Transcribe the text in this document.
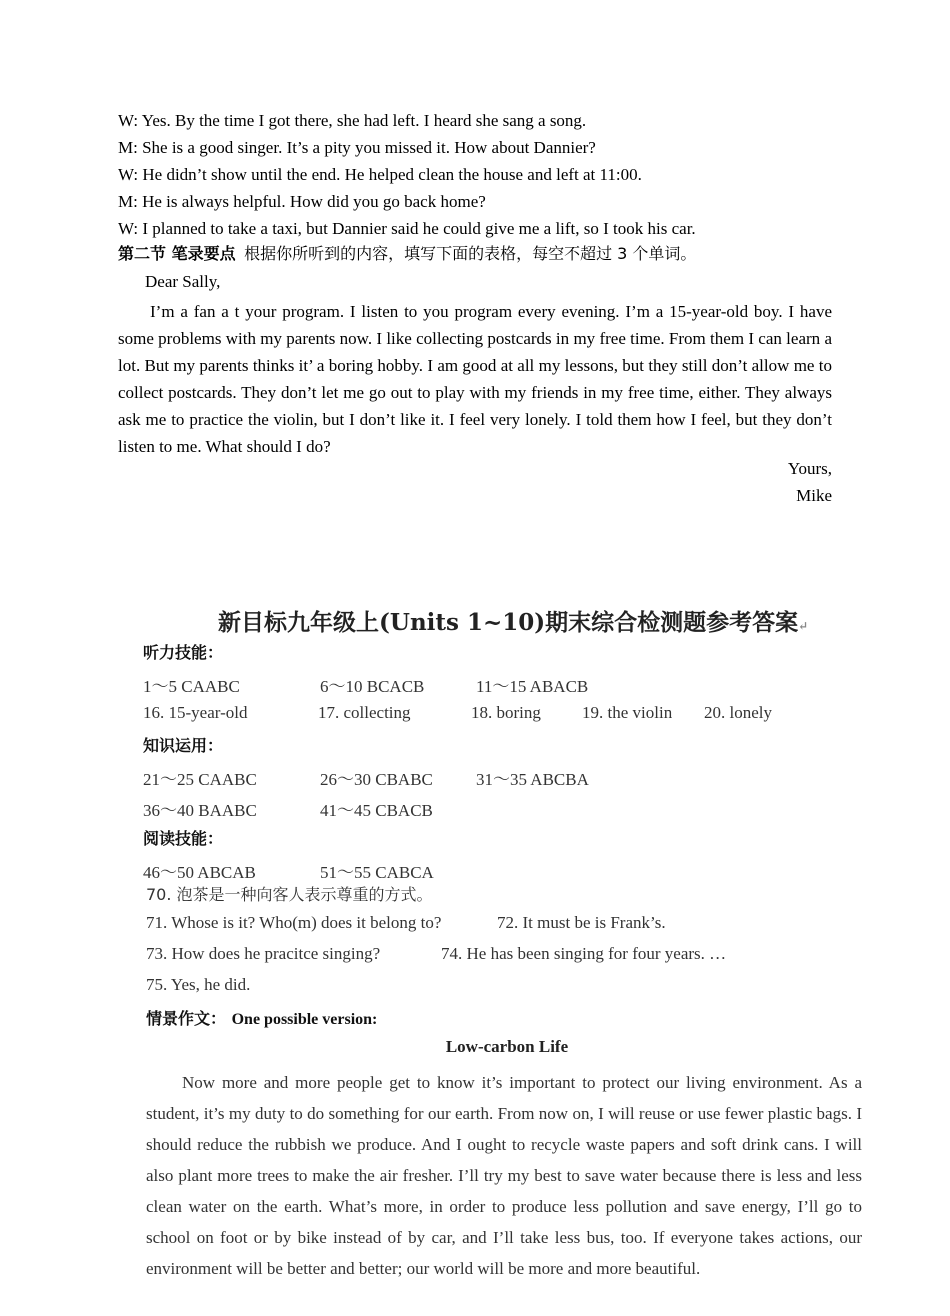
W: Yes. By the time I got there, she had left. I heard she sang a song.
M: She is a good singer. It’s a pity you missed it. How about Dannier?
W: He didn’t show until the end. He helped clean the house and left at 11:00.
M: He is always helpful. How did you go back home?
W: I planned to take a taxi, but Dannier said he could give me a lift, so I took his car.
第二节 笔录要点 根据你所听到的内容，填写下面的表格，每空不超过 3 个单词。
Dear Sally,
I’m a fan a t your program. I listen to you program every evening. I’m a 15-year-old boy. I have some problems with my parents now. I like collecting postcards in my free time. From them I can learn a lot. But my parents thinks it’ a boring hobby. I am good at all my lessons, but they still don’t allow me to collect postcards. They don’t let me go out to play with my friends in my free time, either. They always ask me to practice the violin, but I don’t like it. I feel very lonely. I told them how I feel, but they don’t listen to me. What should I do?
Yours,
Mike
新目标九年级上(Units 1~10)期末综合检测题参考答案↵
听力技能：
1～5 CAABC	6～10 BCACB	11～15 ABACB
16. 15-year-old	17. collecting	18. boring 19. the violin 20. lonely
知识运用：
21～25 CAABC	26～30 CBABC	31～35 ABCBA
36～40 BAABC	41～45 CBACB
阅读技能：
46～50 ABCAB	51～55 CABCA
70. 泡茶是一种向客人表示尊重的方式。
71. Whose is it? Who(m) does it belong to?	72. It must be is Frank’s.
73. How does he pracitce singing?	74. He has been singing for four years. …
75. Yes, he did.
情景作文： One possible version:
Low-carbon Life
Now more and more people get to know it’s important to protect our living environment. As a student, it’s my duty to do something for our earth. From now on, I will reuse or use fewer plastic bags. I should reduce the rubbish we produce. And I ought to recycle waste papers and soft drink cans. I will also plant more trees to make the air fresher. I’ll try my best to save water because there is less and less clean water on the earth. What’s more, in order to produce less pollution and save energy, I’ll go to school on foot or by bike instead of by car, and I’ll take less bus, too. If everyone takes actions, our environment will be better and better; our world will be more and more beautiful.
